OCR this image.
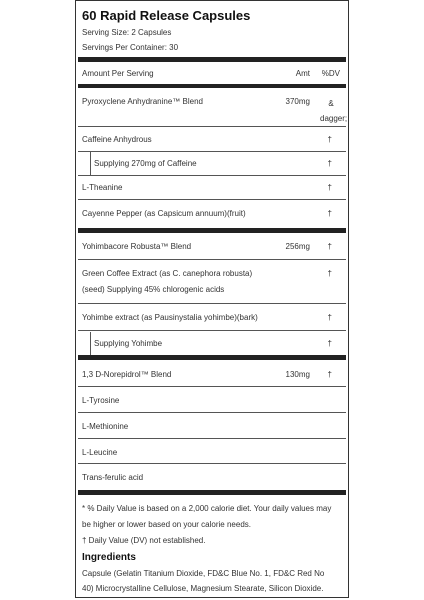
60 Rapid Release Capsules
Serving Size: 2 Capsules
Servings Per Container: 30
Amount Per Serving	Amt %DV
Pyroxyclene Anhydranine™ Blend	370mg	&
dagger;
Caffeine Anhydrous	†
Supplying 270mg of Caffeine	†
L-Theanine	†
Cayenne Pepper (as Capsicum annuum)(fruit)	†
Yohimbacore Robusta™ Blend	256mg †
Green Coffee Extract (as C. canephora robusta)
(seed) Supplying 45% chlorogenic acids
†
Yohimbe extract (as Pausinystalia yohimbe)(bark)	†
Supplying Yohimbe	†
1,3 D-Norepidrol™ Blend	130mg †
L-Tyrosine
L-Methionine
L-Leucine
Trans-ferulic acid
* % Daily Value is based on a 2,000 calorie diet. Your daily values may
be higher or lower based on your calorie needs.
† Daily Value (DV) not established.
Ingredients
Capsule (Gelatin Titanium Dioxide, FD&C Blue No. 1, FD&C Red No
40) Microcrystalline Cellulose, Magnesium Stearate, Silicon Dioxide.
